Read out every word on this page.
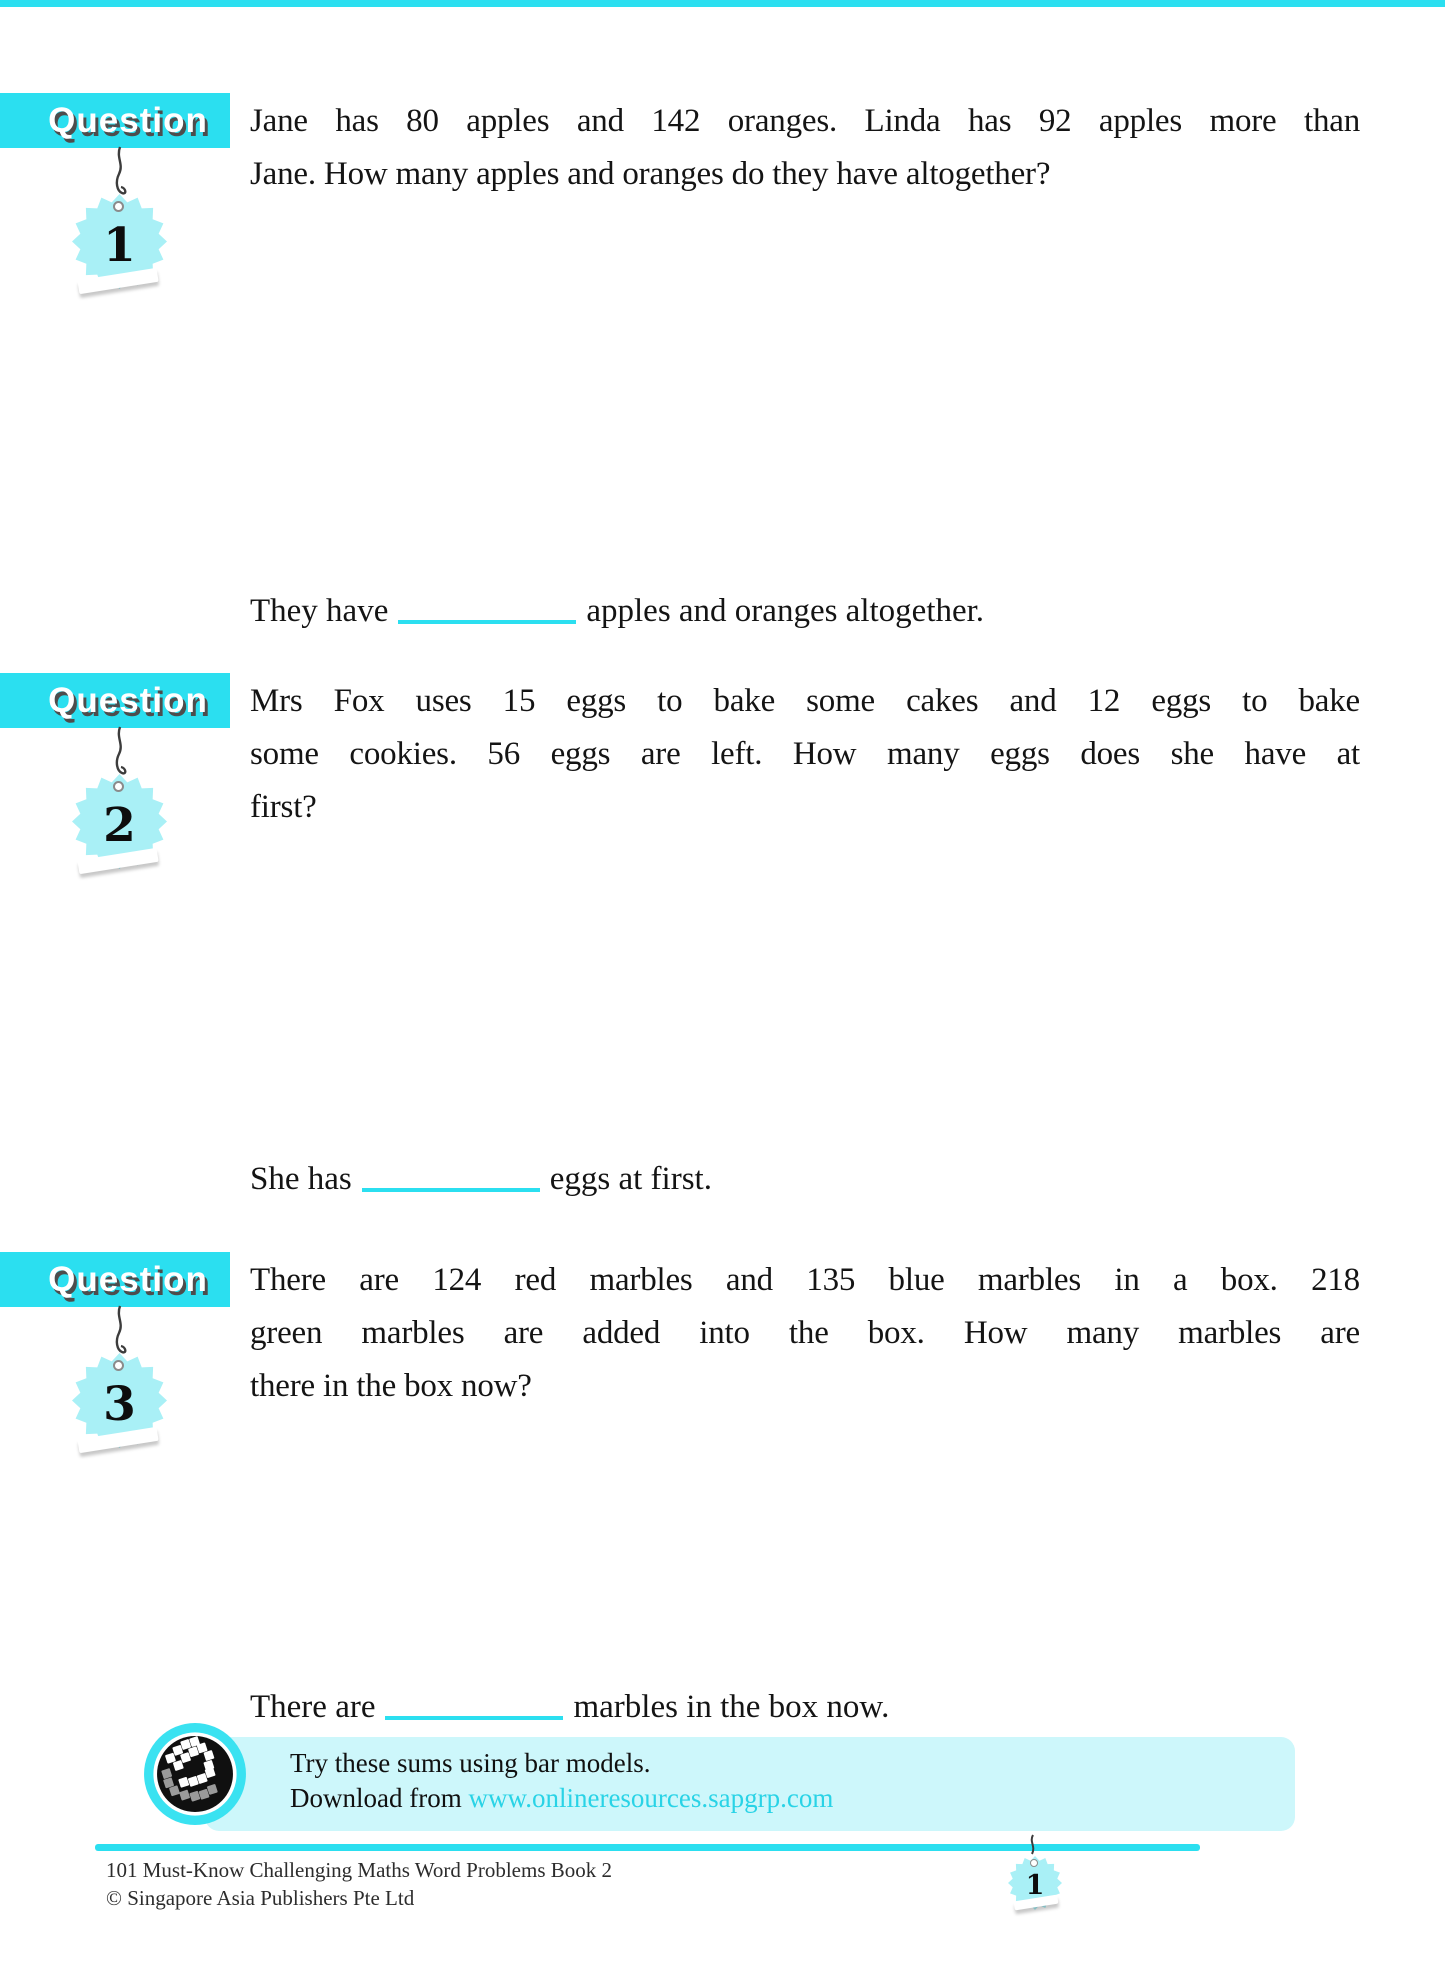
Question
1
Jane has 80 apples and 142 oranges. Linda has 92 apples more than
Jane. How many apples and oranges do they have altogether?
They have	apples and oranges altogether.
Question
2
Mrs Fox uses 15 eggs to bake some cakes and 12 eggs to bake
some cookies. 56 eggs are left. How many eggs does she have at
first?
She has	eggs at first.
Question
3
There are 124 red marbles and 135 blue marbles in a box. 218
green marbles are added into the box. How many marbles are
there in the box now?
There are	marbles in the box now.
Try these sums using bar models.
Download from www.onlineresources.sapgrp.com
101 Must-Know Challenging Maths Word Problems Book 2
© Singapore Asia Publishers Pte Ltd	1
